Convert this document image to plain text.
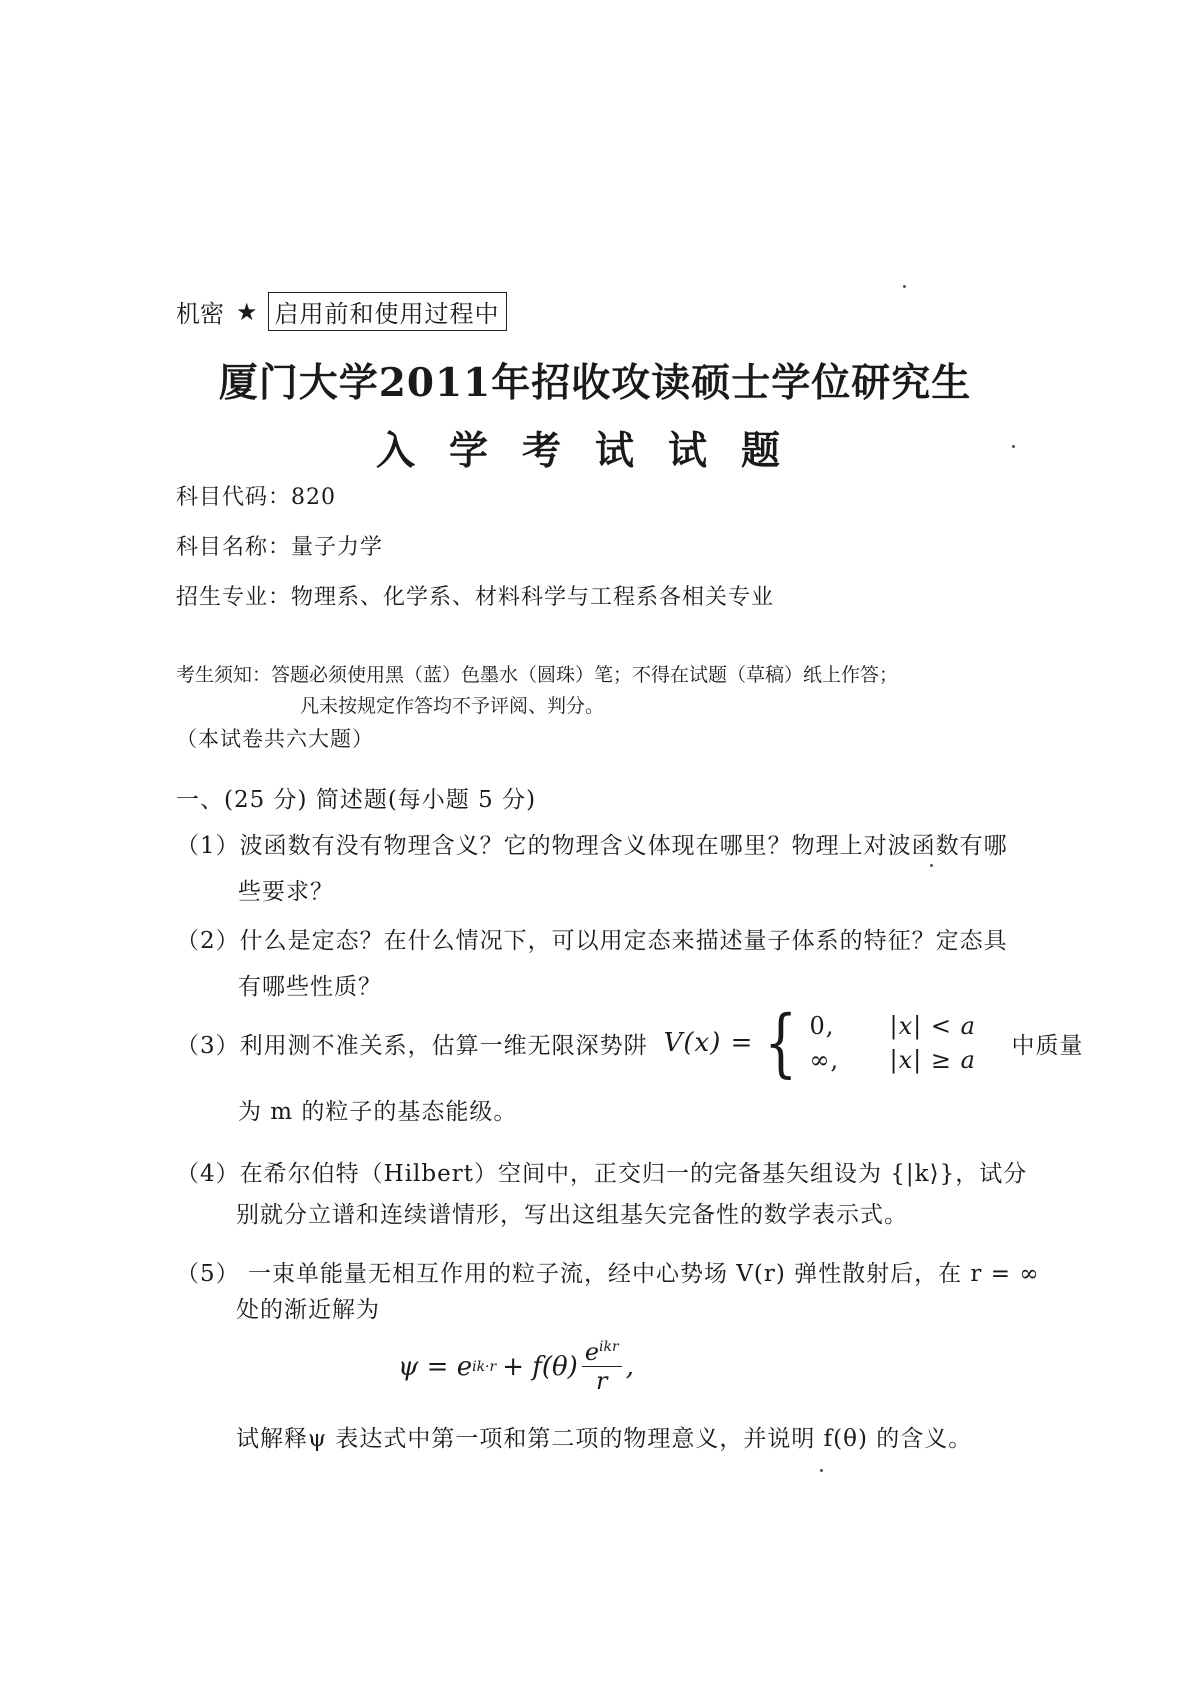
机密 ★ 启用前和使用过程中
厦门大学2011年招收攻读硕士学位研究生
入学考试试题
科目代码：820
科目名称：量子力学
招生专业：物理系、化学系、材料科学与工程系各相关专业
考生须知：答题必须使用黑（蓝）色墨水（圆珠）笔；不得在试题（草稿）纸上作答；
凡未按规定作答均不予评阅、判分。
（本试卷共六大题）
一、(25 分) 简述题(每小题 5 分)
（1）波函数有没有物理含义？它的物理含义体现在哪里？物理上对波函数有哪
些要求？
（2）什么是定态？在什么情况下，可以用定态来描述量子体系的特征？定态具
有哪些性质？
（3）利用测不准关系，估算一维无限深势阱 V(x) = { 0,	|x| < a
∞,	|x| ≥ a
中质量
为 m 的粒子的基态能级。
（4）在希尔伯特（Hilbert）空间中，正交归一的完备基矢组设为 {|k⟩}，试分
别就分立谱和连续谱情形，写出这组基矢完备性的数学表示式。
（5） 一束单能量无相互作用的粒子流，经中心势场 V(r) 弹性散射后，在 r = ∞
处的渐近解为
ψ = e $ik\cdot r + f(\theta) \frac{e^{ikr}}{r}$ ,
试解释ψ 表达式中第一项和第二项的物理意义，并说明 f(θ) 的含义。
